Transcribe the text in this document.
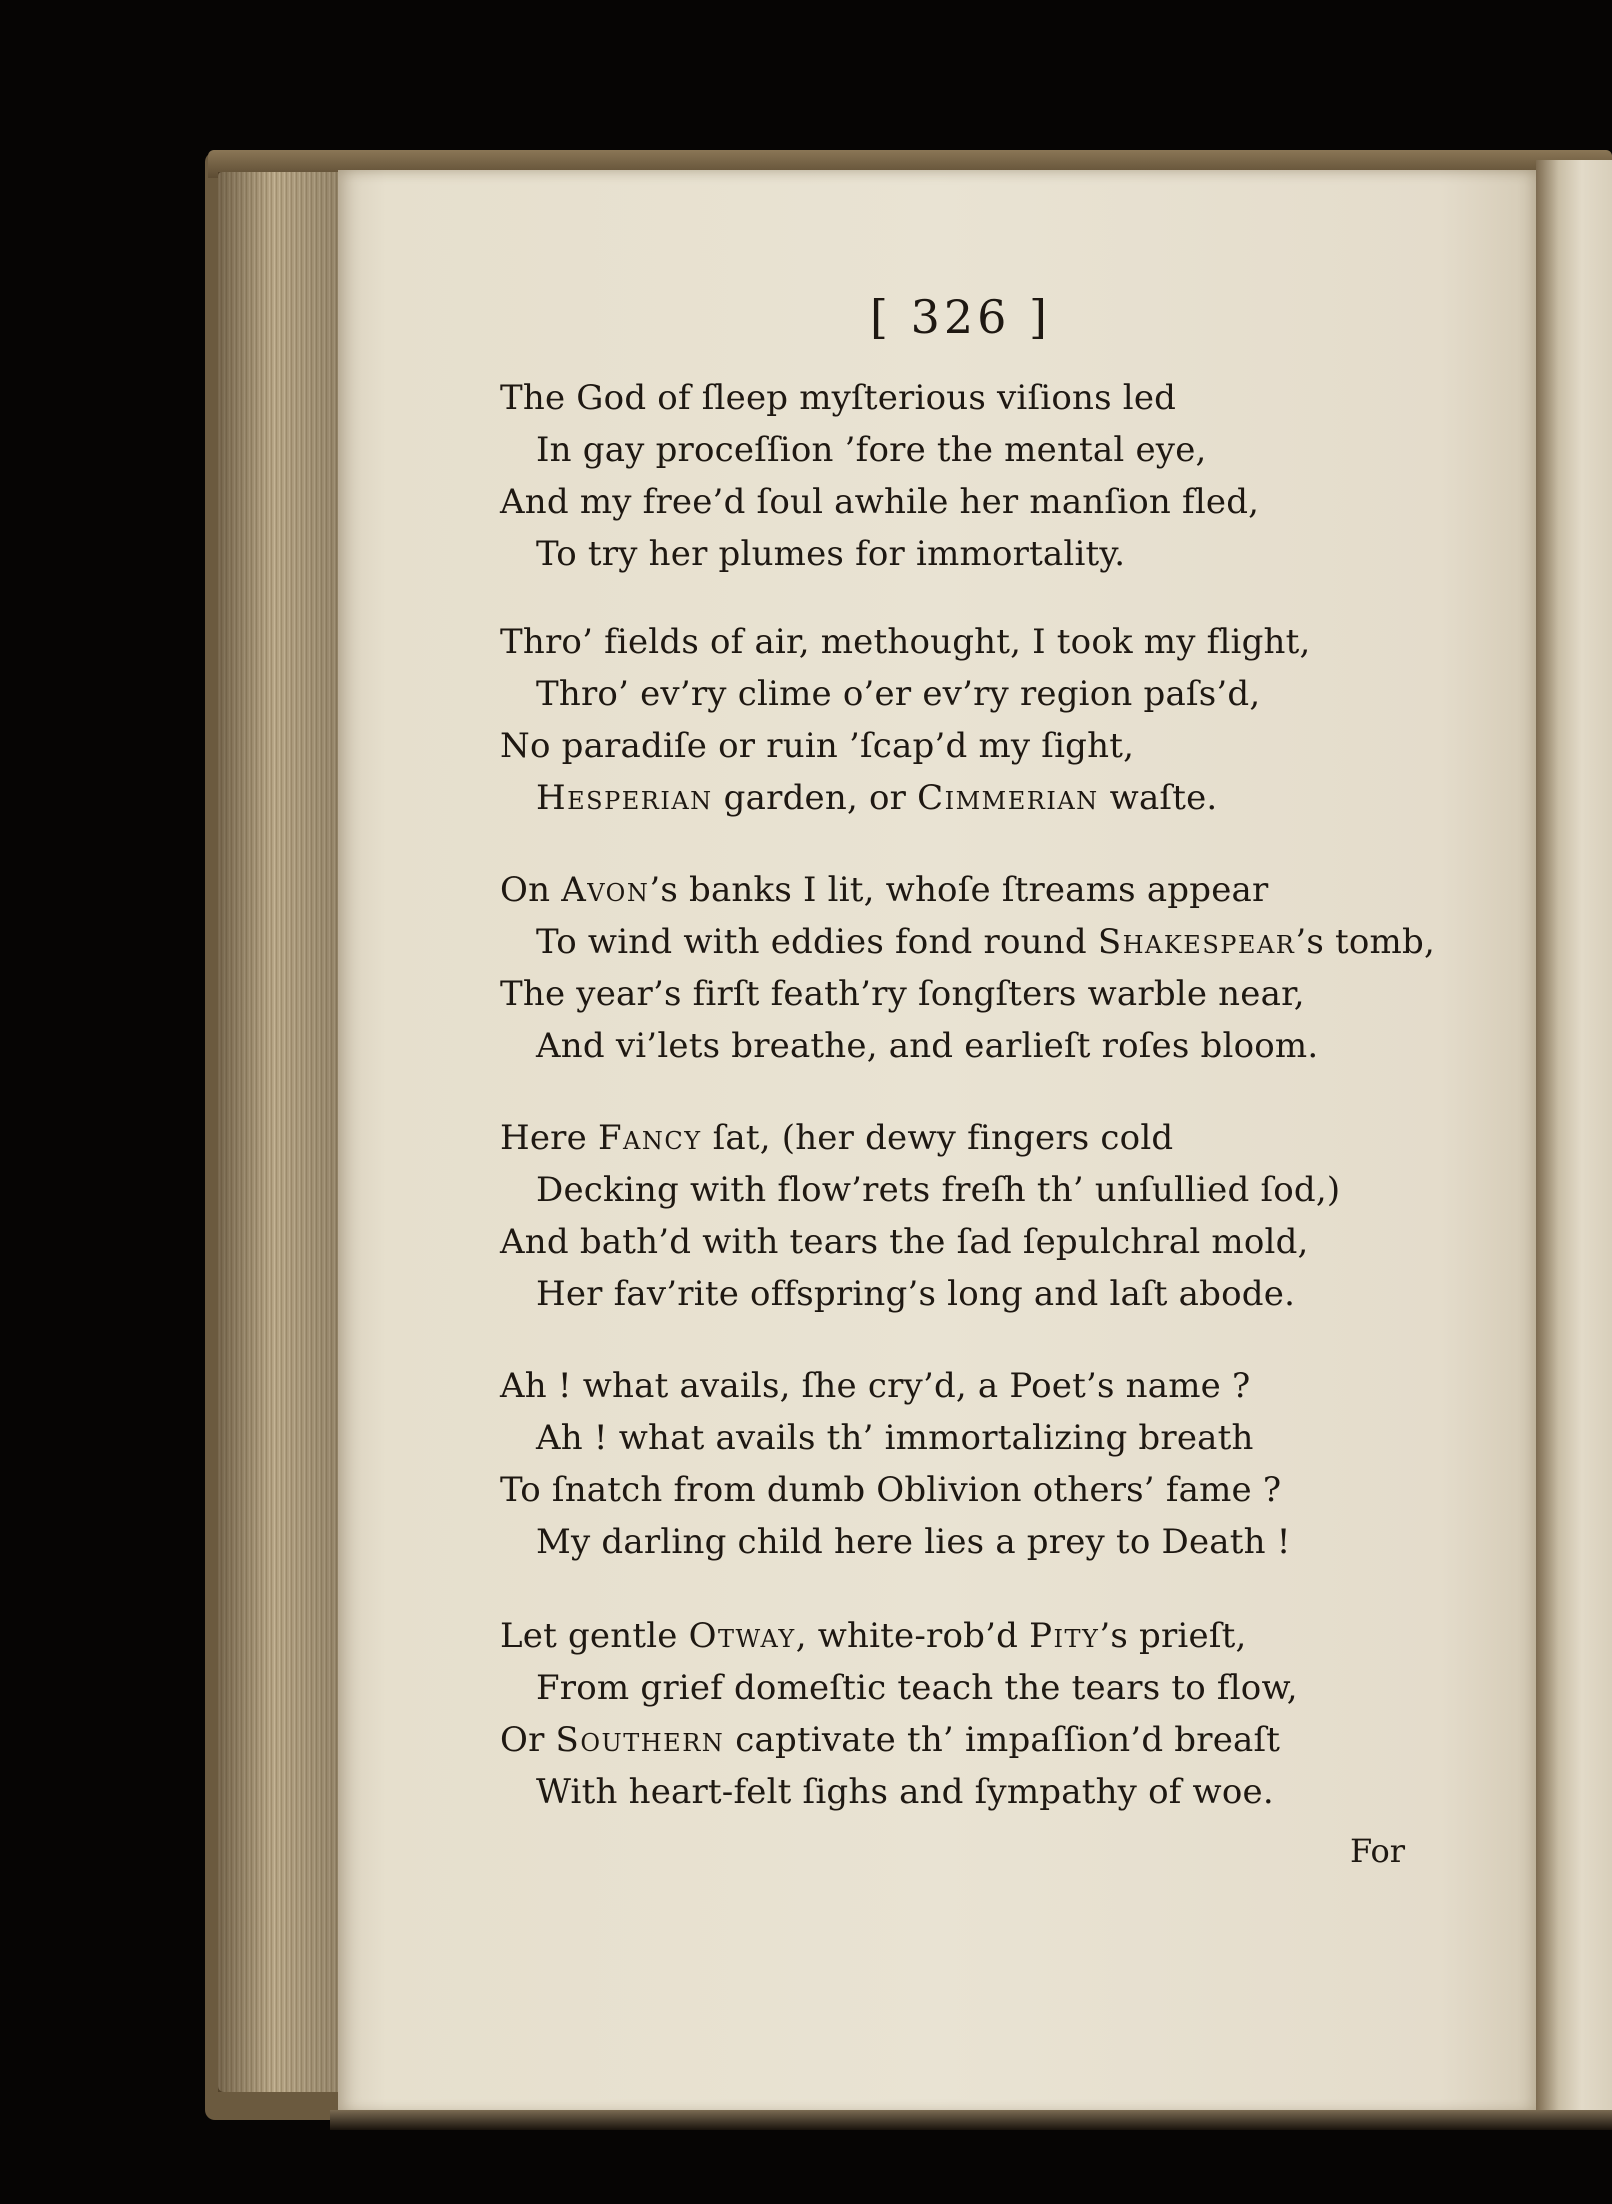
[ 326 ]
The God of ſleep myſterious viſions led
In gay proceſſion ’fore the mental eye,
And my free’d ſoul awhile her manſion fled,
To try her plumes for immortality.
Thro’ fields of air, methought, I took my flight,
Thro’ ev’ry clime o’er ev’ry region paſs’d,
No paradiſe or ruin ’ſcap’d my ſight,
Hesperian garden, or Cimmerian waſte.
On Avon’s banks I lit, whoſe ſtreams appear
To wind with eddies fond round Shakespear’s tomb,
The year’s firſt feath’ry ſongſters warble near,
And vi’lets breathe, and earlieſt roſes bloom.
Here Fancy ſat, (her dewy fingers cold
Decking with flow’rets freſh th’ unſullied ſod,)
And bath’d with tears the ſad ſepulchral mold,
Her fav’rite offspring’s long and laſt abode.
Ah ! what avails, ſhe cry’d, a Poet’s name ?
Ah ! what avails th’ immortalizing breath
To ſnatch from dumb Oblivion others’ fame ?
My darling child here lies a prey to Death !
Let gentle Otway, white-rob’d Pity’s prieſt,
From grief domeſtic teach the tears to flow,
Or Southern captivate th’ impaſſion’d breaſt
With heart-felt ſighs and ſympathy of woe.
For
